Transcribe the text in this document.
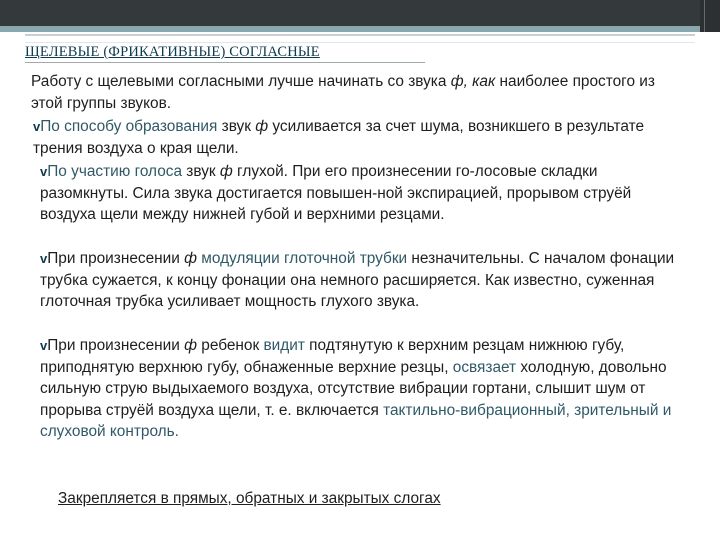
ЩЕЛЕВЫЕ (ФРИКАТИВНЫЕ) СОГЛАСНЫЕ

Работу с щелевыми согласными лучше начинать со звука ф, как наиболее простого из этой группы звуков.

vПо способу образования звук ф усиливается за счет шума, возникшего в результате трения воздуха о края щели.

vПо участию голоса звук ф глухой. При его произнесении го-лосовые складки разомкнуты. Сила звука достигается повышен-ной экспирацией, прорывом струёй воздуха щели между нижней губой и верхними резцами.

vПри произнесении ф модуляции глоточной трубки незначительны. С началом фонации трубка сужается, к концу фонации она немного расширяется. Как известно, суженная глоточная трубка усиливает мощность глухого звука.

vПри произнесении ф ребенок видит подтянутую к верхним резцам нижнюю губу, приподнятую верхнюю губу, обнаженные верхние резцы, освязает холодную, довольно сильную струю выдыхаемого воздуха, отсутствие вибрации гортани, слышит шум от прорыва струёй воздуха щели, т. е. включается тактильно-вибрационный, зрительный и слуховой контроль.

Закрепляется в прямых, обратных и закрытых слогах
